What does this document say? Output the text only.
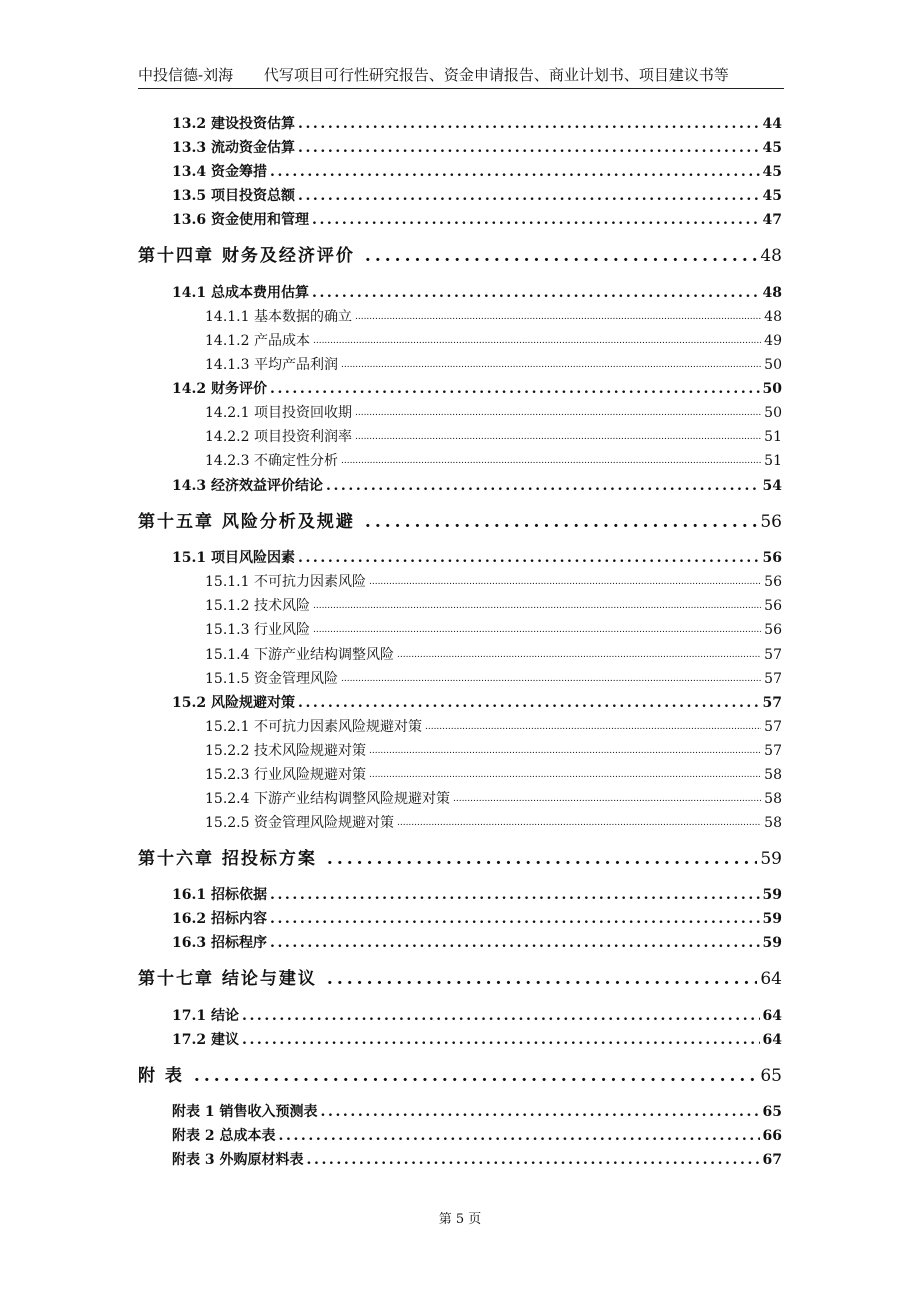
中投信德-刘海 代写项目可行性研究报告、资金申请报告、商业计划书、项目建议书等
13.2 建设投资估算 .....	44
13.3 流动资金估算 .....	45
13.4 资金筹措 .....	45
13.5 项目投资总额 .....	45
13.6 资金使用和管理 .....	47
第十四章 财务及经济评价 .....	48
14.1 总成本费用估算 .....	48
14.1.1 基本数据的确立 .....	48
14.1.2 产品成本 .....	49
14.1.3 平均产品利润 .....	50
14.2 财务评价 .....	50
14.2.1 项目投资回收期 .....	50
14.2.2 项目投资利润率 .....	51
14.2.3 不确定性分析 .....	51
14.3 经济效益评价结论 .....	54
第十五章 风险分析及规避 .....	56
15.1 项目风险因素 .....	56
15.1.1 不可抗力因素风险 .....	56
15.1.2 技术风险 .....	56
15.1.3 行业风险 .....	56
15.1.4 下游产业结构调整风险 .....	57
15.1.5 资金管理风险 .....	57
15.2 风险规避对策 .....	57
15.2.1 不可抗力因素风险规避对策 .....	57
15.2.2 技术风险规避对策 .....	57
15.2.3 行业风险规避对策 .....	58
15.2.4 下游产业结构调整风险规避对策 .....	58
15.2.5 资金管理风险规避对策 .....	58
第十六章 招投标方案 .....	59
16.1 招标依据 .....	59
16.2 招标内容 .....	59
16.3 招标程序 .....	59
第十七章 结论与建议 .....	64
17.1 结论 .....	64
17.2 建议 .....	64
附 表 .....	65
附表 1 销售收入预测表 .....	65
附表 2 总成本表 .....	66
附表 3 外购原材料表 .....	67
第 5 页
